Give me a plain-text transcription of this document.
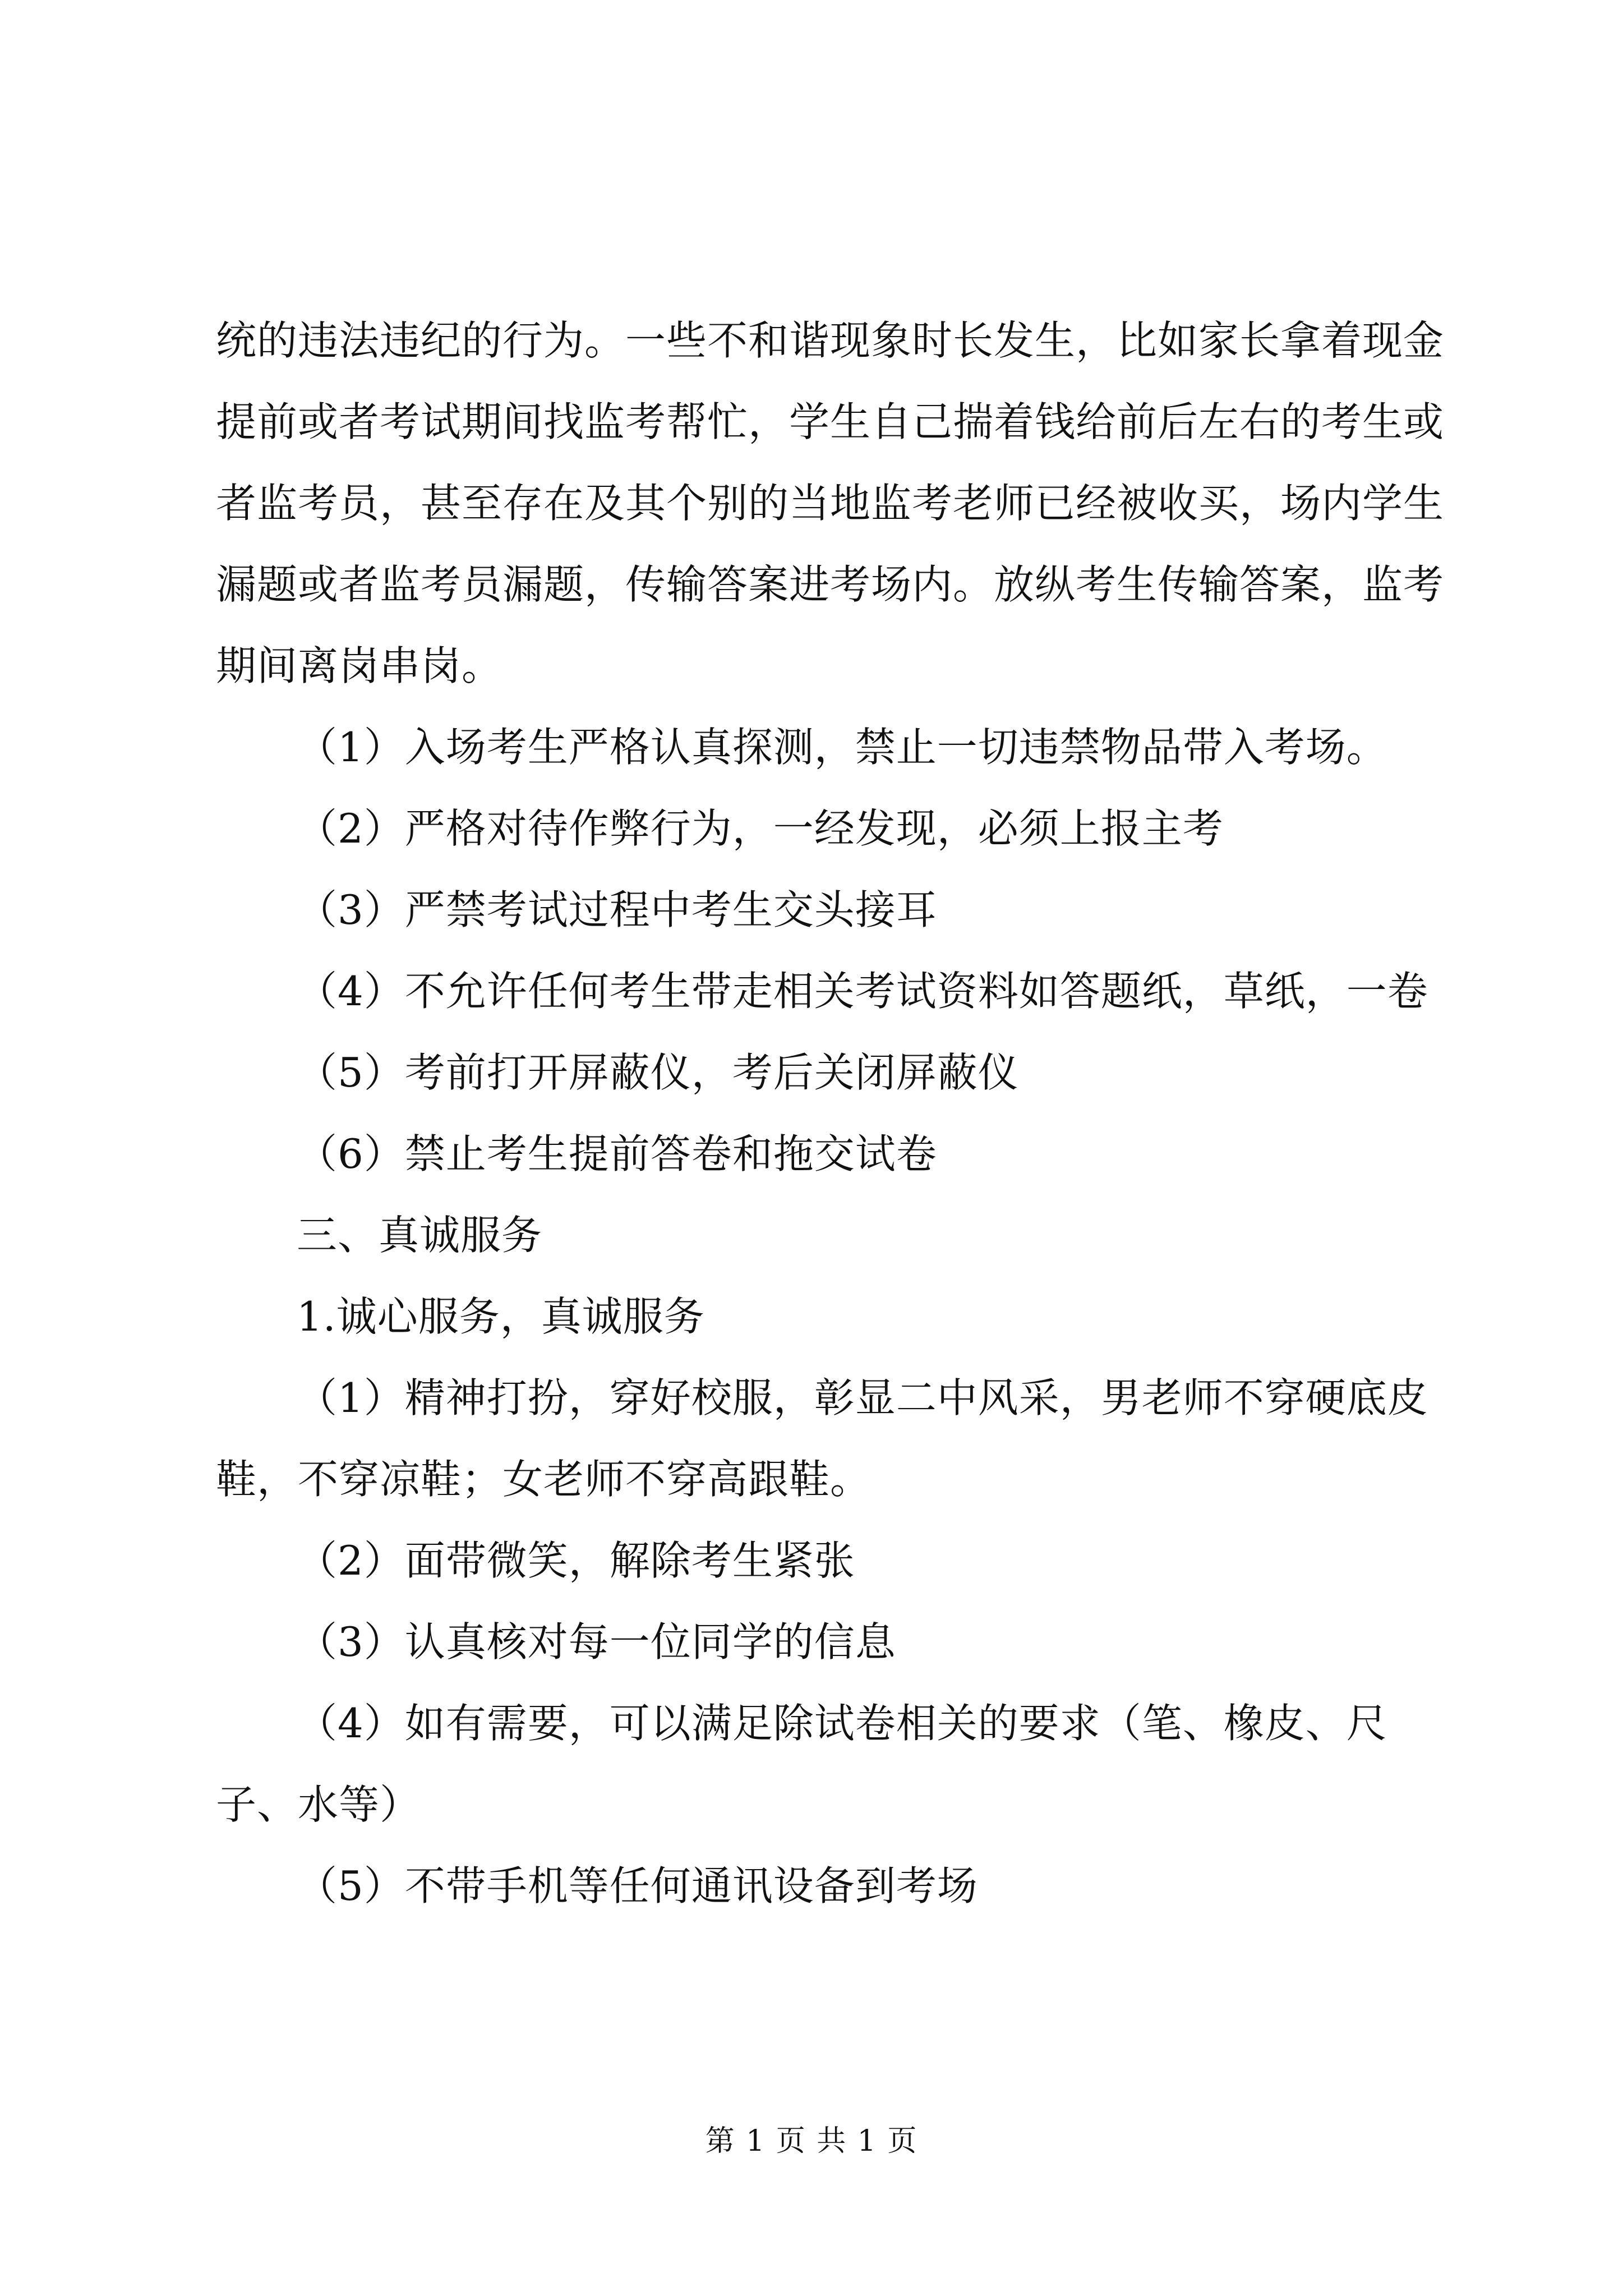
统的违法违纪的行为。一些不和谐现象时长发生，比如家长拿着现金提前或者考试期间找监考帮忙，学生自己揣着钱给前后左右的考生或者监考员，甚至存在及其个别的当地监考老师已经被收买，场内学生漏题或者监考员漏题，传输答案进考场内。放纵考生传输答案，监考期间离岗串岗。

（1）入场考生严格认真探测，禁止一切违禁物品带入考场。

（2）严格对待作弊行为，一经发现，必须上报主考

（3）严禁考试过程中考生交头接耳

（4）不允许任何考生带走相关考试资料如答题纸，草纸，一卷

（5）考前打开屏蔽仪，考后关闭屏蔽仪

（6）禁止考生提前答卷和拖交试卷

三、真诚服务

1.诚心服务，真诚服务

（1）精神打扮，穿好校服，彰显二中风采，男老师不穿硬底皮鞋，不穿凉鞋；女老师不穿高跟鞋。

（2）面带微笑，解除考生紧张

（3）认真核对每一位同学的信息

（4）如有需要，可以满足除试卷相关的要求（笔、橡皮、尺子、水等）

（5）不带手机等任何通讯设备到考场

第 1 页 共 1 页
